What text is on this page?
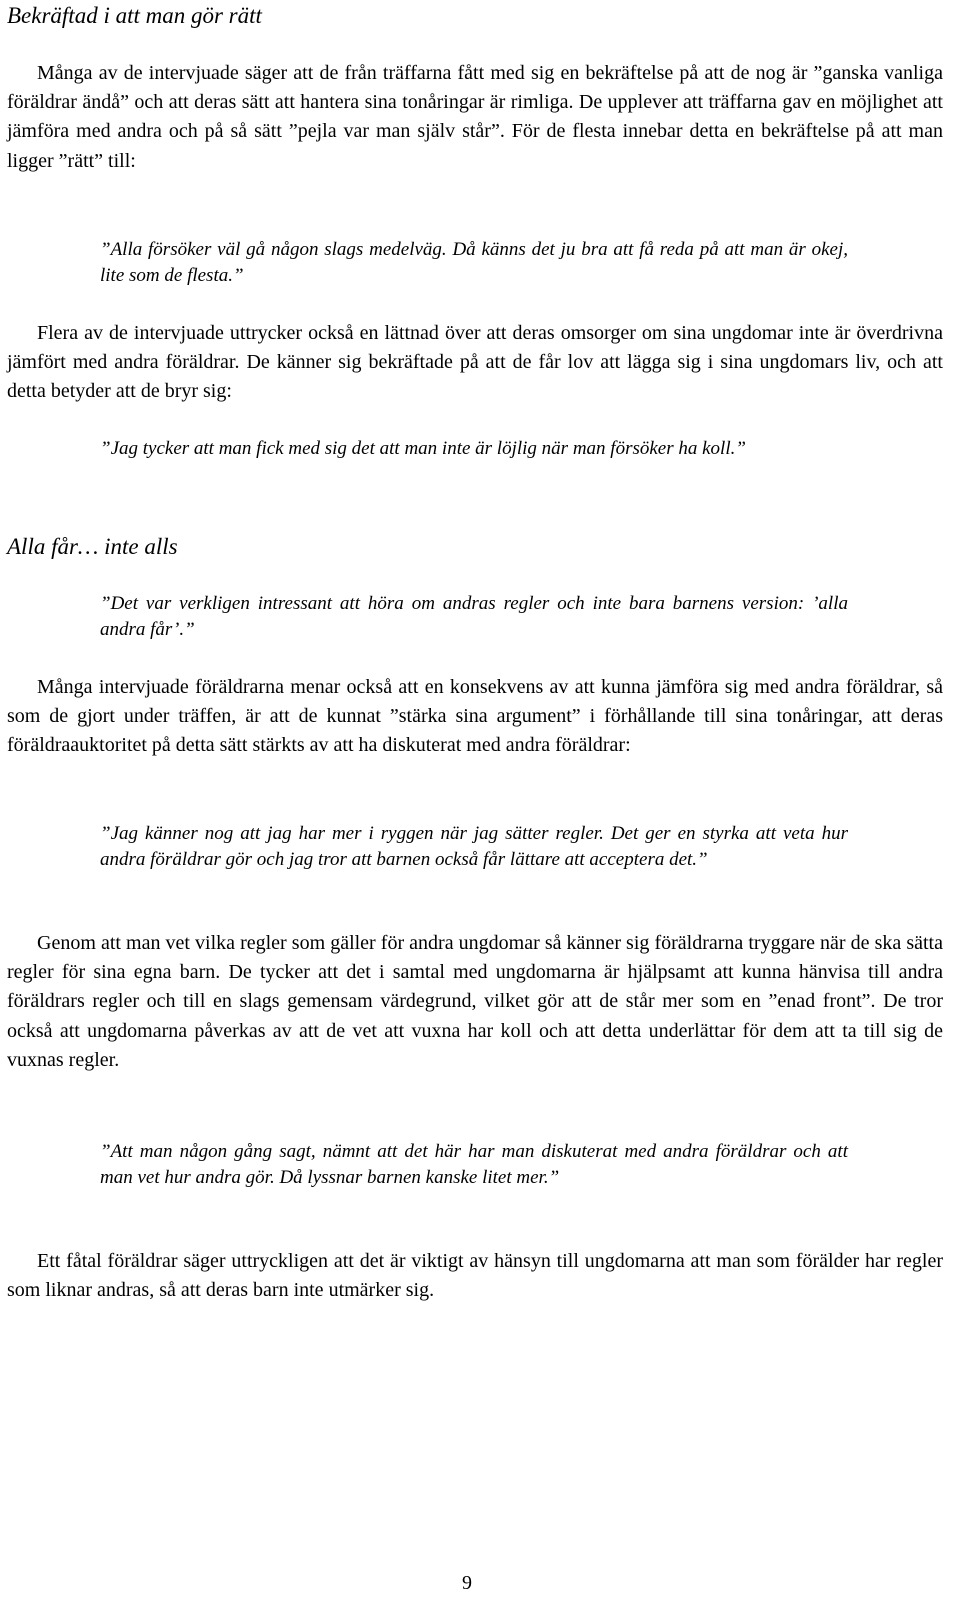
Bekräftad i att man gör rätt

Många av de intervjuade säger att de från träffarna fått med sig en bekräftelse på att de nog är ”ganska vanliga föräldrar ändå” och att deras sätt att hantera sina tonåringar är rimliga. De upplever att träffarna gav en möjlighet att jämföra med andra och på så sätt ”pejla var man själv står”. För de flesta innebar detta en bekräftelse på att man ligger ”rätt” till:

”Alla försöker väl gå någon slags medelväg. Då känns det ju bra att få reda på att man är okej, lite som de flesta.”

Flera av de intervjuade uttrycker också en lättnad över att deras omsorger om sina ungdomar inte är överdrivna jämfört med andra föräldrar. De känner sig bekräftade på att de får lov att lägga sig i sina ungdomars liv, och att detta betyder att de bryr sig:

”Jag tycker att man fick med sig det att man inte är löjlig när man försöker ha koll.”

Alla får… inte alls

”Det var verkligen intressant att höra om andras regler och inte bara barnens version: ’alla andra får’.”

Många intervjuade föräldrarna menar också att en konsekvens av att kunna jämföra sig med andra föräldrar, så som de gjort under träffen, är att de kunnat ”stärka sina argument” i förhållande till sina tonåringar, att deras föräldraauktoritet på detta sätt stärkts av att ha diskuterat med andra föräldrar:

”Jag känner nog att jag har mer i ryggen när jag sätter regler. Det ger en styrka att veta hur andra föräldrar gör och jag tror att barnen också får lättare att acceptera det.”

Genom att man vet vilka regler som gäller för andra ungdomar så känner sig föräldrarna tryggare när de ska sätta regler för sina egna barn. De tycker att det i samtal med ungdomarna är hjälpsamt att kunna hänvisa till andra föräldrars regler och till en slags gemensam värdegrund, vilket gör att de står mer som en ”enad front”. De tror också att ungdomarna påverkas av att de vet att vuxna har koll och att detta underlättar för dem att ta till sig de vuxnas regler.

”Att man någon gång sagt, nämnt att det här har man diskuterat med andra föräldrar och att man vet hur andra gör. Då lyssnar barnen kanske litet mer.”

Ett fåtal föräldrar säger uttryckligen att det är viktigt av hänsyn till ungdomarna att man som förälder har regler som liknar andras, så att deras barn inte utmärker sig.

9
